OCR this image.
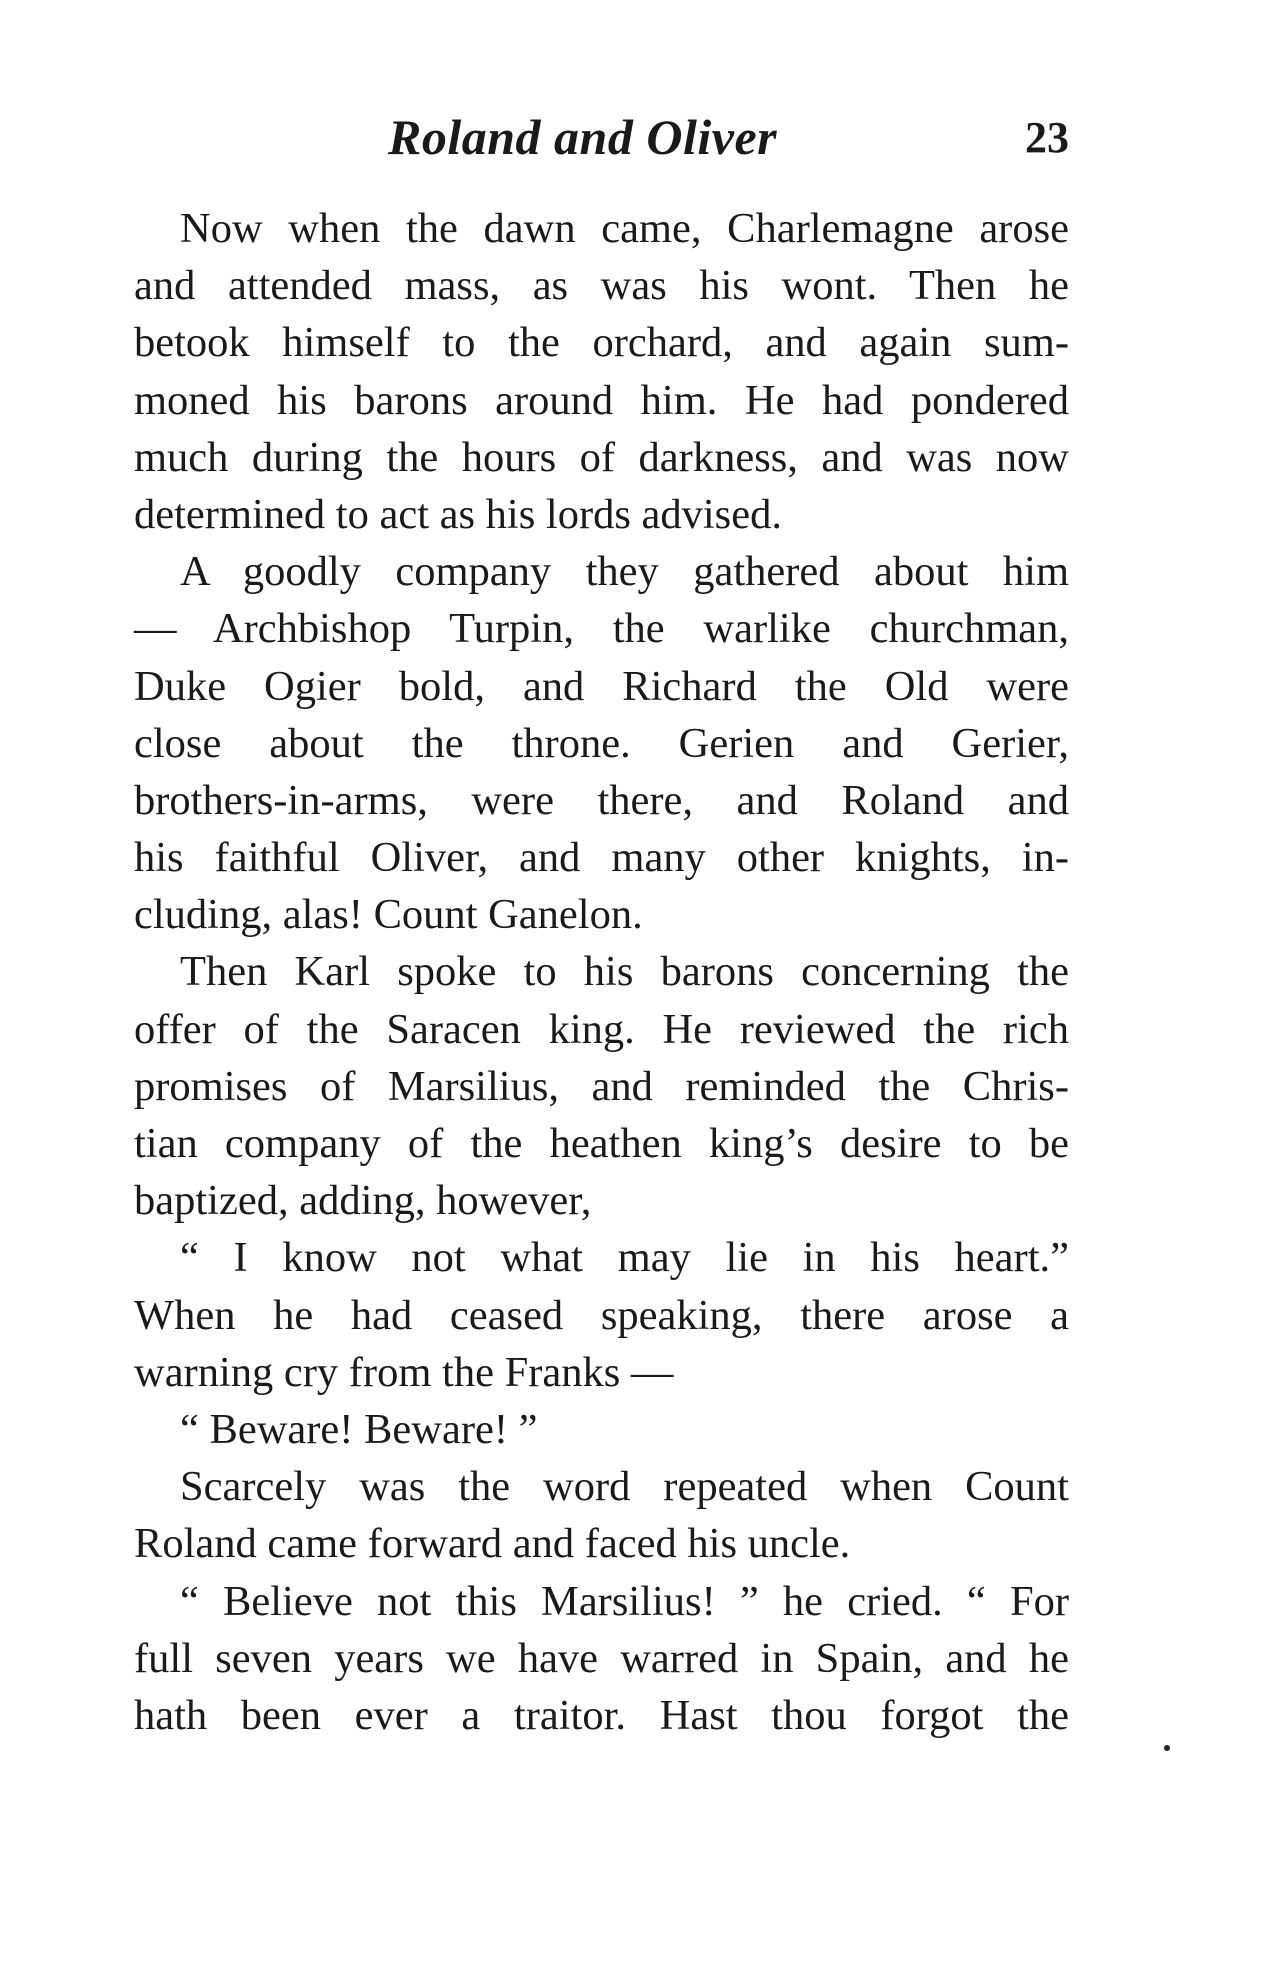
Roland and Oliver	23
Now when the dawn came, Charlemagne arose
and attended mass, as was his wont. Then he
betook himself to the orchard, and again sum-
moned his barons around him. He had pondered
much during the hours of darkness, and was now
determined to act as his lords advised.
A goodly company they gathered about him
— Archbishop Turpin, the warlike churchman,
Duke Ogier bold, and Richard the Old were
close about the throne. Gerien and Gerier,
brothers-in-arms, were there, and Roland and
his faithful Oliver, and many other knights, in-
cluding, alas! Count Ganelon.
Then Karl spoke to his barons concerning the
offer of the Saracen king. He reviewed the rich
promises of Marsilius, and reminded the Chris-
tian company of the heathen king’s desire to be
baptized, adding, however,
“ I know not what may lie in his heart.”
When he had ceased speaking, there arose a
warning cry from the Franks —
“ Beware! Beware! ”
Scarcely was the word repeated when Count
Roland came forward and faced his uncle.
“ Believe not this Marsilius! ” he cried. “ For
full seven years we have warred in Spain, and he
hath been ever a traitor. Hast thou forgot the
